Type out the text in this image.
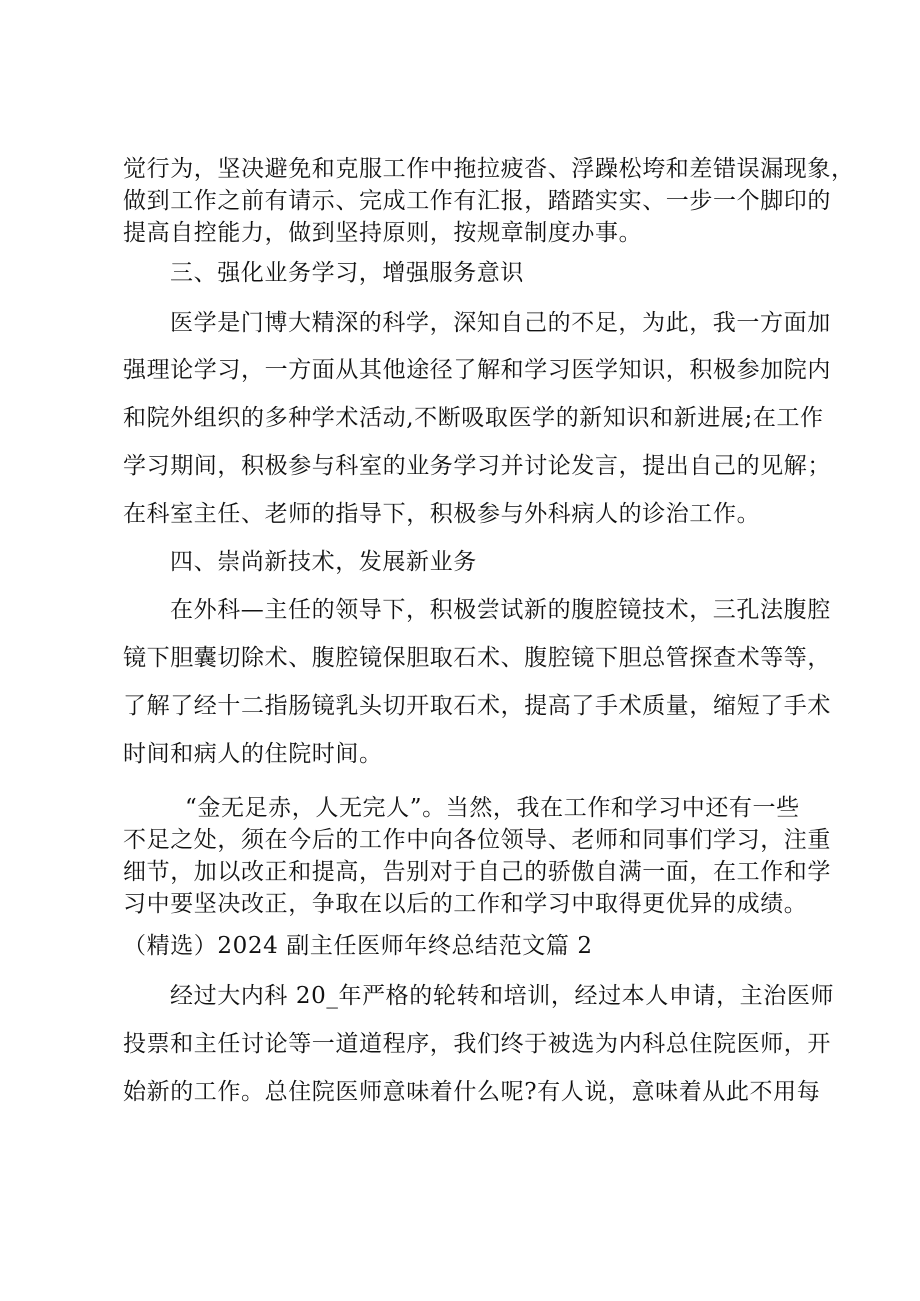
觉行为，坚决避免和克服工作中拖拉疲沓、浮躁松垮和差错误漏现象，
做到工作之前有请示、完成工作有汇报，踏踏实实、一步一个脚印的
提高自控能力，做到坚持原则，按规章制度办事。
三、强化业务学习，增强服务意识
医学是门博大精深的科学，深知自己的不足，为此，我一方面加
强理论学习，一方面从其他途径了解和学习医学知识，积极参加院内
和院外组织的多种学术活动,不断吸取医学的新知识和新进展;在工作
学习期间，积极参与科室的业务学习并讨论发言，提出自己的见解；
在科室主任、老师的指导下，积极参与外科病人的诊治工作。
四、崇尚新技术，发展新业务
在外科—主任的领导下，积极尝试新的腹腔镜技术，三孔法腹腔
镜下胆囊切除术、腹腔镜保胆取石术、腹腔镜下胆总管探查术等等，
了解了经十二指肠镜乳头切开取石术，提高了手术质量，缩短了手术
时间和病人的住院时间。
“金无足赤，人无完人”。当然，我在工作和学习中还有一些
不足之处，须在今后的工作中向各位领导、老师和同事们学习，注重
细节，加以改正和提高，告别对于自己的骄傲自满一面，在工作和学
习中要坚决改正，争取在以后的工作和学习中取得更优异的成绩。
（精选）2024 副主任医师年终总结范文篇 2
经过大内科 20_年严格的轮转和培训，经过本人申请，主治医师
投票和主任讨论等一道道程序，我们终于被选为内科总住院医师，开
始新的工作。总住院医师意味着什么呢?有人说，意味着从此不用每
